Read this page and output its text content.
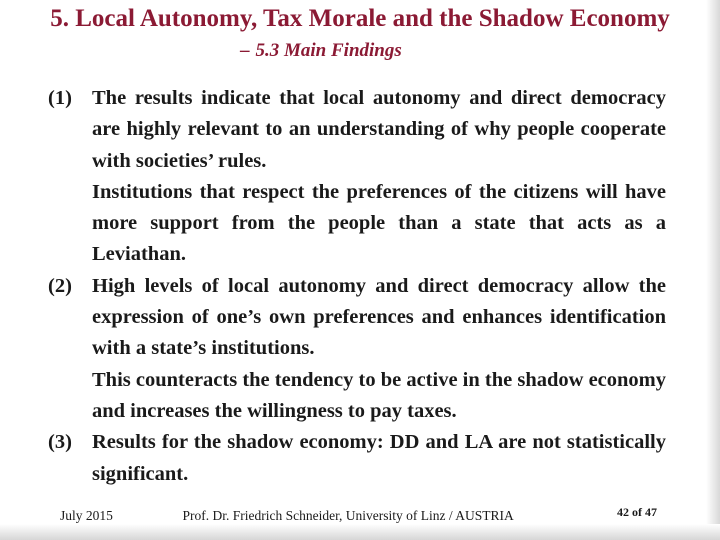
5. Local Autonomy, Tax Morale and the Shadow Economy
– 5.3 Main Findings
(1) The results indicate that local autonomy and direct democracy are highly relevant to an understanding of why people cooperate with societies’ rules.
Institutions that respect the preferences of the citizens will have more support from the people than a state that acts as a Leviathan.
(2) High levels of local autonomy and direct democracy allow the expression of one’s own preferences and enhances identification with a state’s institutions.
This counteracts the tendency to be active in the shadow economy and increases the willingness to pay taxes.
(3) Results for the shadow economy: DD and LA are not statistically significant.
July 2015	 Prof. Dr. Friedrich Schneider, University of Linz / AUSTRIA	42 of 47
